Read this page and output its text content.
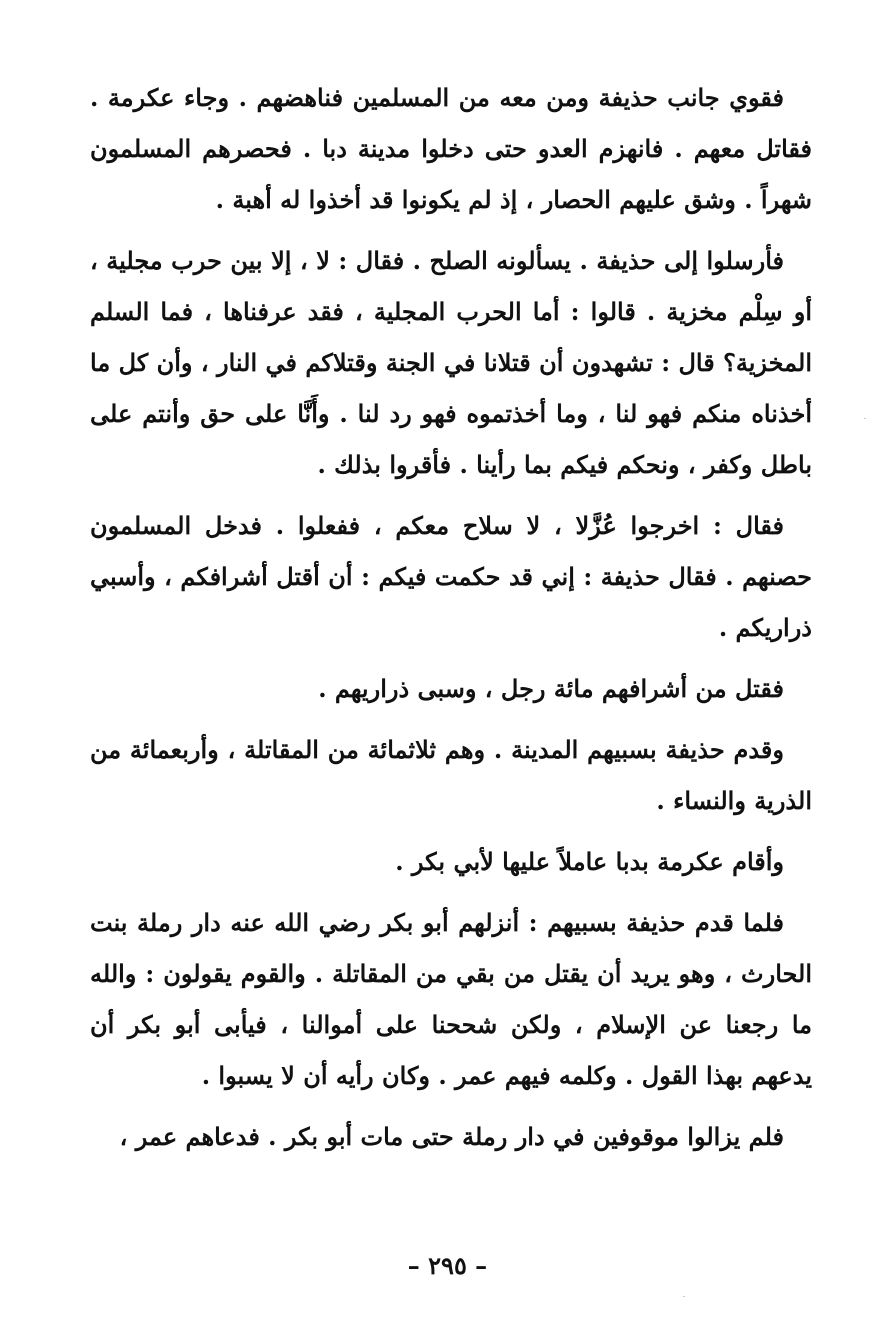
فقوي جانب حذيفة ومن معه من المسلمين فناهضهم . وجاء عكرمة . فقاتل معهم . فانهزم العدو حتى دخلوا مدينة دبا . فحصرهم المسلمون شهراً . وشق عليهم الحصار ، إذ لم يكونوا قد أخذوا له أهبة .

فأرسلوا إلى حذيفة . يسألونه الصلح . فقال : لا ، إلا بين حرب مجلية ، أو سِلْم مخزية . قالوا : أما الحرب المجلية ، فقد عرفناها ، فما السلم المخزية؟ قال : تشهدون أن قتلانا في الجنة وقتلاكم في النار ، وأن كل ما أخذناه منكم فهو لنا ، وما أخذتموه فهو رد لنا . وأَنَّا على حق وأنتم على باطل وكفر ، ونحكم فيكم بما رأينا . فأقروا بذلك .

فقال : اخرجوا عُزَّلا ، لا سلاح معكم ، ففعلوا . فدخل المسلمون حصنهم . فقال حذيفة : إني قد حكمت فيكم : أن أقتل أشرافكم ، وأسبي ذراريكم .

فقتل من أشرافهم مائة رجل ، وسبى ذراريهم .

وقدم حذيفة بسبيهم المدينة . وهم ثلاثمائة من المقاتلة ، وأربعمائة من الذرية والنساء .

وأقام عكرمة بدبا عاملاً عليها لأبي بكر .

فلما قدم حذيفة بسبيهم : أنزلهم أبو بكر رضي الله عنه دار رملة بنت الحارث ، وهو يريد أن يقتل من بقي من المقاتلة . والقوم يقولون : والله ما رجعنا عن الإسلام ، ولكن شححنا على أموالنا ، فيأبى أبو بكر أن يدعهم بهذا القول . وكلمه فيهم عمر . وكان رأيه أن لا يسبوا .

فلم يزالوا موقوفين في دار رملة حتى مات أبو بكر . فدعاهم عمر ،

– ٢٩٥ –
